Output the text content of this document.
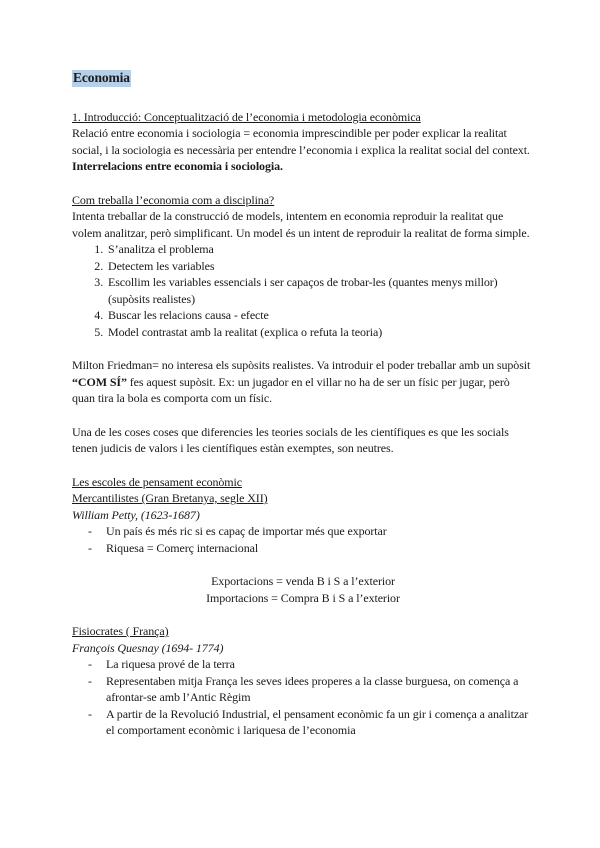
Economia

1. Introducció: Conceptualització de l’economia i metodologia econòmica

Relació entre economia i sociologia = economia imprescindible per poder explicar la realitat social, i la sociologia es necessària per entendre l’economia i explica la realitat social del context. Interrelacions entre economia i sociologia.

Com treballa l’economia com a disciplina?

Intenta treballar de la construcció de models, intentem en economia reproduir la realitat que volem analitzar, però simplificant. Un model és un intent de reproduir la realitat de forma simple.

1. S’analitza el problema
2. Detectem les variables
3. Escollim les variables essencials i ser capaços de trobar-les (quantes menys millor)(supòsits realistes)
4. Buscar les relacions causa - efecte
5. Model contrastat amb la realitat (explica o refuta la teoria)

Milton Friedman= no interesa els supòsits realistes. Va introduir el poder treballar amb un supòsit “COM SÍ” fes aquest supòsit. Ex: un jugador en el villar no ha de ser un físic per jugar, però quan tira la bola es comporta com un físic.

Una de les coses coses que diferencies les teories socials de les científiques es que les socials tenen judicis de valors i les científiques estàn exemptes, son neutres.

Les escoles de pensament econòmic

Mercantilistes (Gran Bretanya, segle XII)

William Petty, (1623-1687)

- Un país és més ric si es capaç de importar més que exportar
- Riquesa = Comerç internacional

Exportacions = venda B i S a l’exterior

Importacions = Compra B i S a l’exterior

Fisiocrates ( França)

François Quesnay (1694- 1774)

- La riquesa prové de la terra
- Representaben mitja França les seves idees properes a la classe burguesa, on comença a afrontar-se amb l’Antic Règim
- A partir de la Revolució Industrial, el pensament econòmic fa un gir i comença a analitzar el comportament econòmic i lariquesa de l’economia
